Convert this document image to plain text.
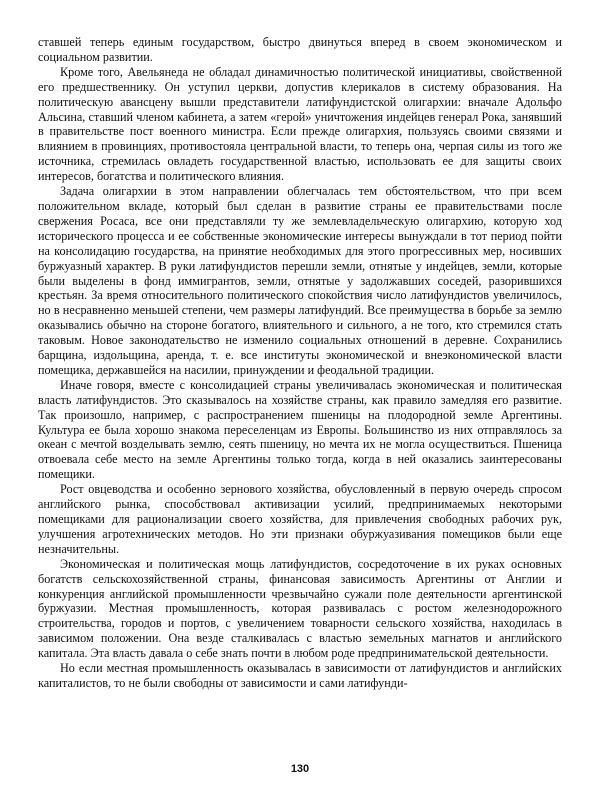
ставшей теперь единым государством, быстро двинуться вперед в своем экономическом и социальном развитии.

Кроме того, Авельянеда не обладал динамичностью политической инициативы, свойственной его предшественнику. Он уступил церкви, допустив клерикалов в систему образования. На политическую авансцену вышли представители латифундистской олигархии: вначале Адольфо Альсина, ставший членом кабинета, а затем «герой» уничтожения индейцев генерал Рока, занявший в правительстве пост военного министра. Если прежде олигархия, пользуясь своими связями и влиянием в провинциях, противостояла центральной власти, то теперь она, черпая силы из того же источника, стремилась овладеть государственной властью, использовать ее для защиты своих интересов, богатства и политического влияния.

Задача олигархии в этом направлении облегчалась тем обстоятельством, что при всем положительном вкладе, который был сделан в развитие страны ее правительствами после свержения Росаса, все они представляли ту же землевладельческую олигархию, которую ход исторического процесса и ее собственные экономические интересы вынуждали в тот период пойти на консолидацию государства, на принятие необходимых для этого прогрессивных мер, носивших буржуазный характер. В руки латифундистов перешли земли, отнятые у индейцев, земли, которые были выделены в фонд иммигрантов, земли, отнятые у задолжавших соседей, разорившихся крестьян. За время относительного политического спокойствия число латифундистов увеличилось, но в несравненно меньшей степени, чем размеры латифундий. Все преимущества в борьбе за землю оказывались обычно на стороне богатого, влиятельного и сильного, а не того, кто стремился стать таковым. Новое законодательство не изменило социальных отношений в деревне. Сохранились барщина, издольщина, аренда, т. е. все институты экономической и внеэкономической власти помещика, державшейся на насилии, принуждении и феодальной традиции.

Иначе говоря, вместе с консолидацией страны увеличивалась экономическая и политическая власть латифундистов. Это сказывалось на хозяйстве страны, как правило замедляя его развитие. Так произошло, например, с распространением пшеницы на плодородной земле Аргентины. Культура ее была хорошо знакома переселенцам из Европы. Большинство из них отправлялось за океан с мечтой возделывать землю, сеять пшеницу, но мечта их не могла осуществиться. Пшеница отвоевала себе место на земле Аргентины только тогда, когда в ней оказались заинтересованы помещики.

Рост овцеводства и особенно зернового хозяйства, обусловленный в первую очередь спросом английского рынка, способствовал активизации усилий, предпринимаемых некоторыми помещиками для рационализации своего хозяйства, для привлечения свободных рабочих рук, улучшения агротехнических методов. Но эти признаки обуржуазивания помещиков были еще незначительны.

Экономическая и политическая мощь латифундистов, сосредоточение в их руках основных богатств сельскохозяйственной страны, финансовая зависимость Аргентины от Англии и конкуренция английской промышленности чрезвычайно сужали поле деятельности аргентинской буржуазии. Местная промышленность, которая развивалась с ростом железнодорожного строительства, городов и портов, с увеличением товарности сельского хозяйства, находилась в зависимом положении. Она везде сталкивалась с властью земельных магнатов и английского капитала. Эта власть давала о себе знать почти в любом роде предпринимательской деятельности.

Но если местная промышленность оказывалась в зависимости от латифундистов и английских капиталистов, то не были свободны от зависимости и сами латифунди-

130
